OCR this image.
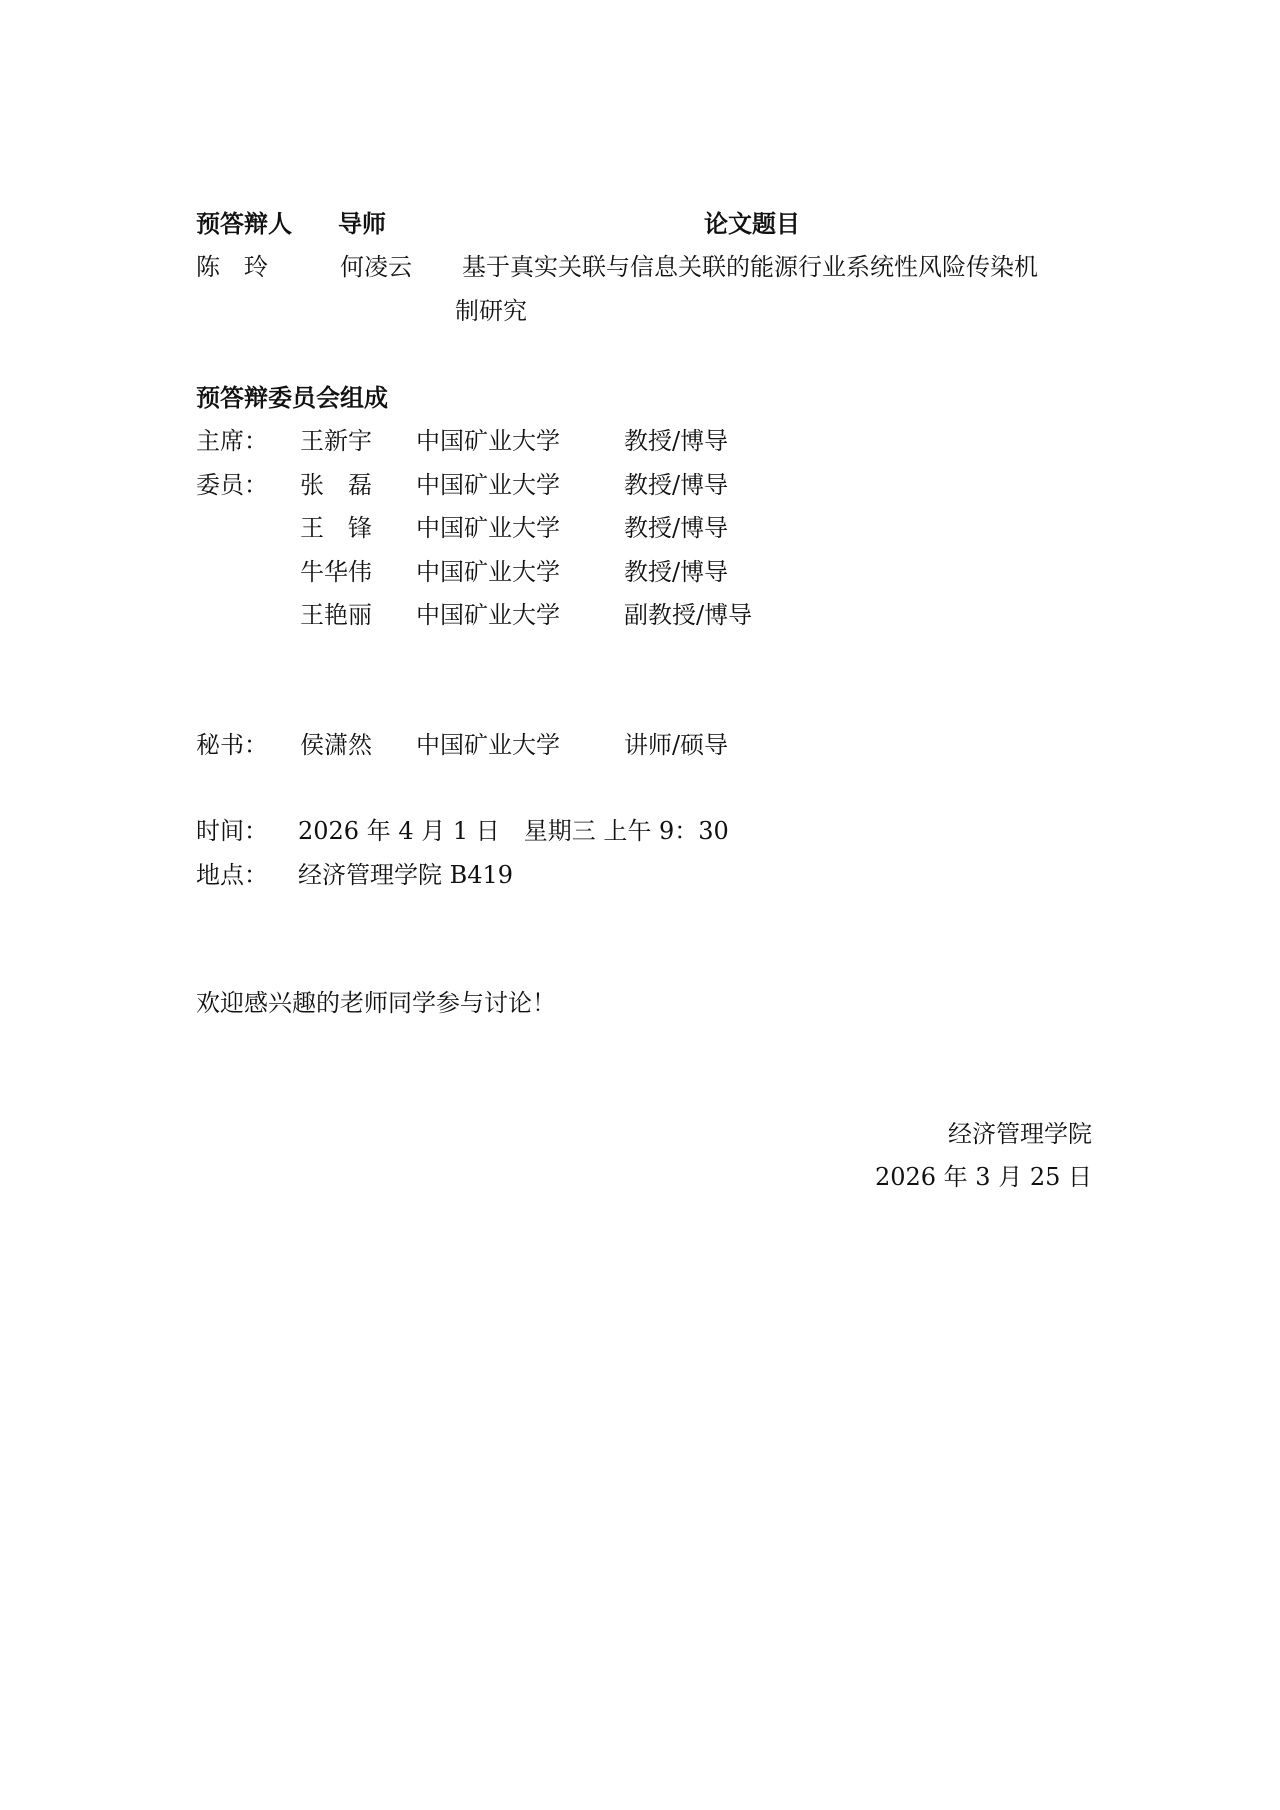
预答辩人 导师	论文题目
陈　玲	何凌云 基于真实关联与信息关联的能源行业系统性风险传染机
制研究
预答辩委员会组成
主席： 王新宇 中国矿业大学	教授/博导
委员： 张　磊 中国矿业大学	教授/博导
王　锋 中国矿业大学	教授/博导
牛华伟 中国矿业大学	教授/博导
王艳丽 中国矿业大学	副教授/博导
秘书： 侯潇然 中国矿业大学	讲师/硕导
时间： 2026 年 4 月 1 日　星期三 上午 9：30
地点： 经济管理学院 B419
欢迎感兴趣的老师同学参与讨论！
经济管理学院
2026 年 3 月 25 日
